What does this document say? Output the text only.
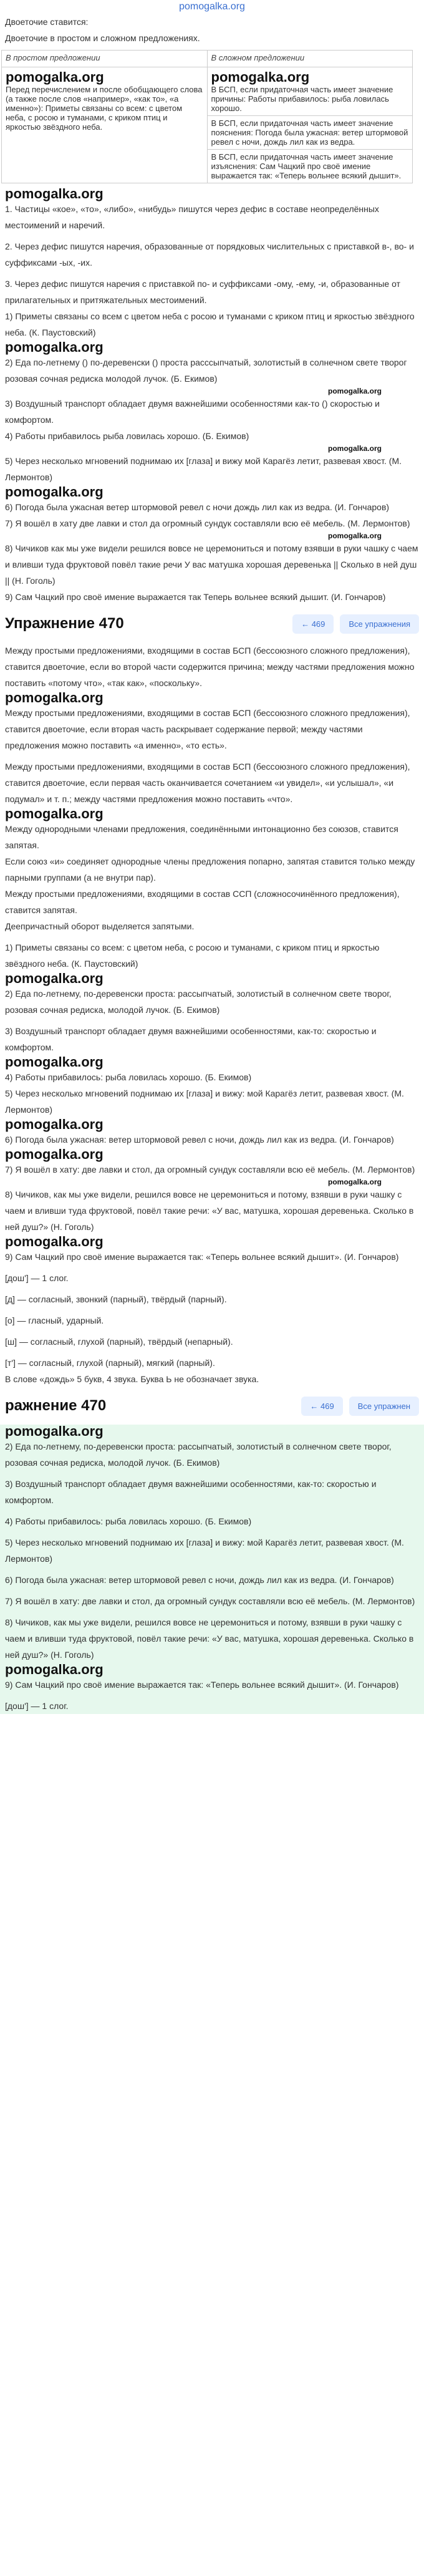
pomogalka.org

Двоеточие ставится:

Двоеточие в простом и сложном предложениях.

В простом предложении	В сложном предложении

pomogalka.org
Перед перечислением и после обобщающего слова (а также после слов «например», «как то», «а именно»): Приметы связаны со всем: с цветом неба, с росою и туманами, с криком птиц и яркостью звёздного неба.	pomogalka.org
В БСП, если придаточная часть имеет значение причины: Работы прибавилось: рыба ловилась хорошо.
	В БСП, если придаточная часть имеет значение пояснения: Погода была ужасная: ветер штормовой ревел с ночи, дождь лил как из ведра.
	В БСП, если придаточная часть имеет значение изъяснения: Сам Чацкий про своё имение выражается так: «Теперь вольнее всякий дышит».
pomogalka.org

1. Частицы «кое», «то», «либо», «нибудь» пишутся через дефис в составе неопределённых местоимений и наречий.

2. Через дефис пишутся наречия, образованные от порядковых числительных с приставкой в-, во- и суффиксами -ых, -их.

3. Через дефис пишутся наречия с приставкой по- и суффиксами -ому, -ему, -и, образованные от прилагательных и притяжательных местоимений.

1) Приметы связаны со всем с цветом неба с росою и туманами с криком птиц и яркостью звёздного неба. (К. Паустовский)

pomogalka.org

2) Еда по-летнему () по-деревенски () проста расссыпчатый, золотистый в солнечном свете творог розовая сочная редиска молодой лучок. (Б. Екимов)

pomogalka.org

3) Воздушный транспорт обладает двумя важнейшими особенностями как-то () скоростью и комфортом.

4) Работы прибавилось рыба ловилась хорошо. (Б. Екимов)

pomogalka.org

5) Через несколько мгновений поднимаю их [глаза] и вижу мой Карагёз летит, развевая хвост. (М. Лермонтов)

pomogalka.org

6) Погода была ужасная ветер штормовой ревел с ночи дождь лил как из ведра. (И. Гончаров)

7) Я вошёл в хату две лавки и стол да огромный сундук составляли всю её мебель. (М. Лермонтов)

pomogalka.org

8) Чичиков как мы уже видели решился вовсе не церемониться и потому взявши в руки чашку с чаем и вливши туда фруктовой повёл такие речи У вас матушка хорошая деревенька || Сколько в ней душ || (Н. Гоголь)

9) Сам Чацкий про своё имение выражается так Теперь вольнее всякий дышит. (И. Гончаров)

Упражнение 470	← 469	Все упражнения

Между простыми предложениями, входящими в состав БСП (бессоюзного сложного предложения), ставится двоеточие, если во второй части содержится причина; между частями предложения можно поставить «потому что», «так как», «поскольку».

pomogalka.org

Между простыми предложениями, входящими в состав БСП (бессоюзного сложного предложения), ставится двоеточие, если вторая часть раскрывает содержание первой; между частями предложения можно поставить «а именно», «то есть».

Между простыми предложениями, входящими в состав БСП (бессоюзного сложного предложения), ставится двоеточие, если первая часть оканчивается сочетанием «и увидел», «и услышал», «и подумал» и т. п.; между частями предложения можно поставить «что».

pomogalka.org

Между однородными членами предложения, соединёнными интонационно без союзов, ставится запятая.

Если союз «и» соединяет однородные члены предложения попарно, запятая ставится только между парными группами (а не внутри пар).

Между простыми предложениями, входящими в состав ССП (сложносочинённого предложения), ставится запятая.

Деепричастный оборот выделяется запятыми.

1) Приметы связаны со всем: с цветом неба, с росою и туманами, с криком птиц и яркостью звёздного неба. (К. Паустовский)

pomogalka.org

2) Еда по-летнему, по-деревенски проста: рассыпчатый, золотистый в солнечном свете творог, розовая сочная редиска, молодой лучок. (Б. Екимов)

3) Воздушный транспорт обладает двумя важнейшими особенностями, как-то: скоростью и комфортом.

pomogalka.org

4) Работы прибавилось: рыба ловилась хорошо. (Б. Екимов)

5) Через несколько мгновений поднимаю их [глаза] и вижу: мой Карагёз летит, развевая хвост. (М. Лермонтов)

pomogalka.org

6) Погода была ужасная: ветер штормовой ревел с ночи, дождь лил как из ведра. (И. Гончаров)

pomogalka.org

7) Я вошёл в хату: две лавки и стол, да огромный сундук составляли всю её мебель. (М. Лермонтов)

pomogalka.org

8) Чичиков, как мы уже видели, решился вовсе не церемониться и потому, взявши в руки чашку с чаем и вливши туда фруктовой, повёл такие речи: «У вас, матушка, хорошая деревенька. Сколько в ней душ?» (Н. Гоголь)

pomogalka.org

9) Сам Чацкий про своё имение выражается так: «Теперь вольнее всякий дышит». (И. Гончаров)

[дош'] — 1 слог.

[д] — согласный, звонкий (парный), твёрдый (парный).

[о] — гласный, ударный.

[ш] — согласный, глухой (парный), твёрдый (непарный).

[т'] — согласный, глухой (парный), мягкий (парный).

В слове «дождь» 5 букв, 4 звука. Буква Ь не обозначает звука.

ражнение 470	← 469	Все упражнен
pomogalka.org

2) Еда по-летнему, по-деревенски проста: рассыпчатый, золотистый в солнечном свете творог, розовая сочная редиска, молодой лучок. (Б. Екимов)

3) Воздушный транспорт обладает двумя важнейшими особенностями, как-то: скоростью и комфортом.

4) Работы прибавилось: рыба ловилась хорошо. (Б. Екимов)

5) Через несколько мгновений поднимаю их [глаза] и вижу: мой Карагёз летит, развевая хвост. (М. Лермонтов)

6) Погода была ужасная: ветер штормовой ревел с ночи, дождь лил как из ведра. (И. Гончаров)

7) Я вошёл в хату: две лавки и стол, да огромный сундук составляли всю её мебель. (М. Лермонтов)

8) Чичиков, как мы уже видели, решился вовсе не церемониться и потому, взявши в руки чашку с чаем и вливши туда фруктовой, повёл такие речи: «У вас, матушка, хорошая деревенька. Сколько в ней душ?» (Н. Гоголь)

pomogalka.org

9) Сам Чацкий про своё имение выражается так: «Теперь вольнее всякий дышит». (И. Гончаров)

[дош'] — 1 слог.
